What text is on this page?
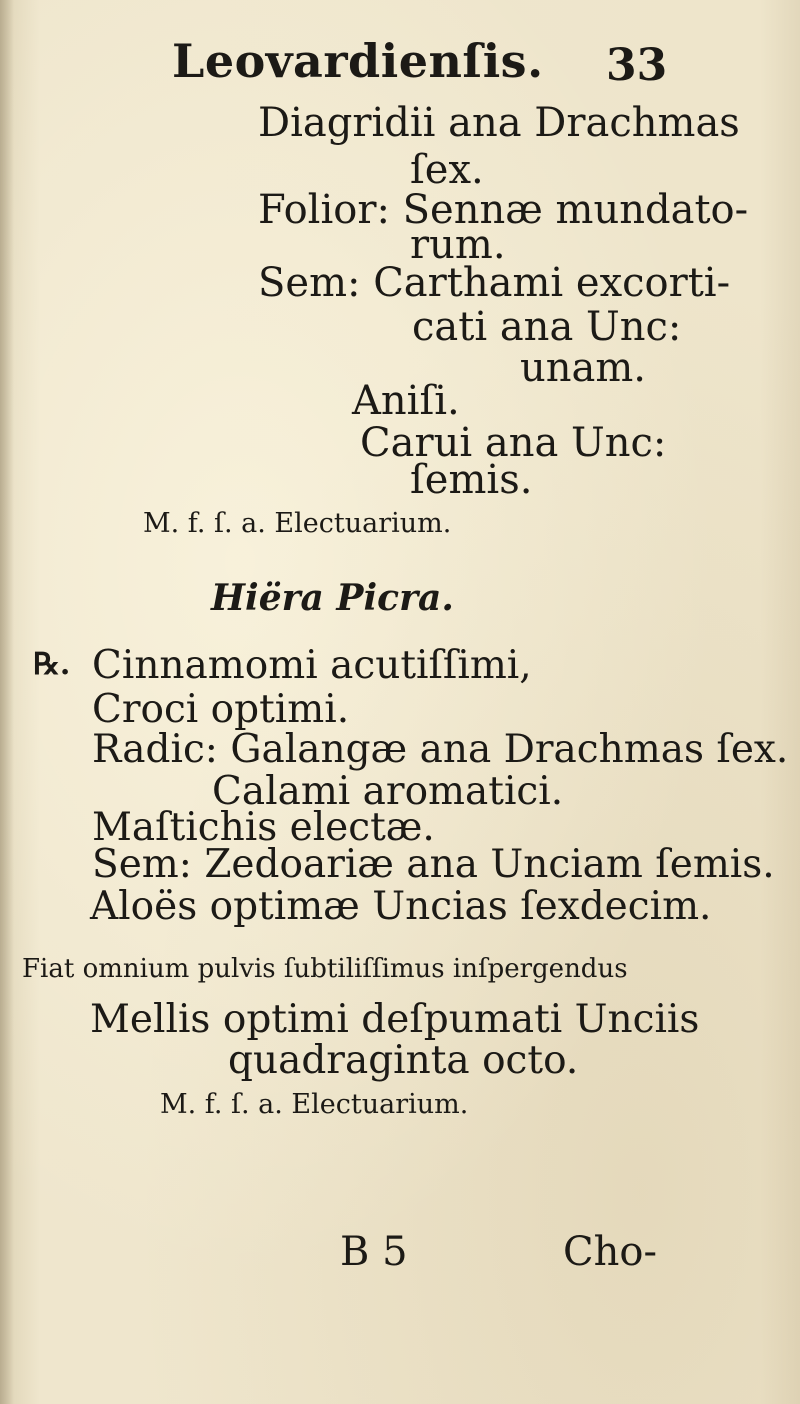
Leovardienſis. 33
Diagridii ana Drachmas
ſex.
Folior: Sennæ mundato-
rum.
Sem: Carthami excorti-
cati ana Unc:
unam.
Aniſi.
Carui ana Unc:
ſemis.
M. f. ſ. a. Electuarium.
Hiëra Picra.
℞. Cinnamomi acutiſſimi,
Croci optimi.
Radic: Galangæ ana Drachmas ſex.
Calami aromatici.
Maſtichis electæ.
Sem: Zedoariæ ana Unciam ſemis.
Aloës optimæ Uncias ſexdecim.
Fiat omnium pulvis ſubtiliſſimus inſpergendus
Mellis optimi deſpumati Unciis
quadraginta octo.
M. f. ſ. a. Electuarium.
B 5	Cho-
